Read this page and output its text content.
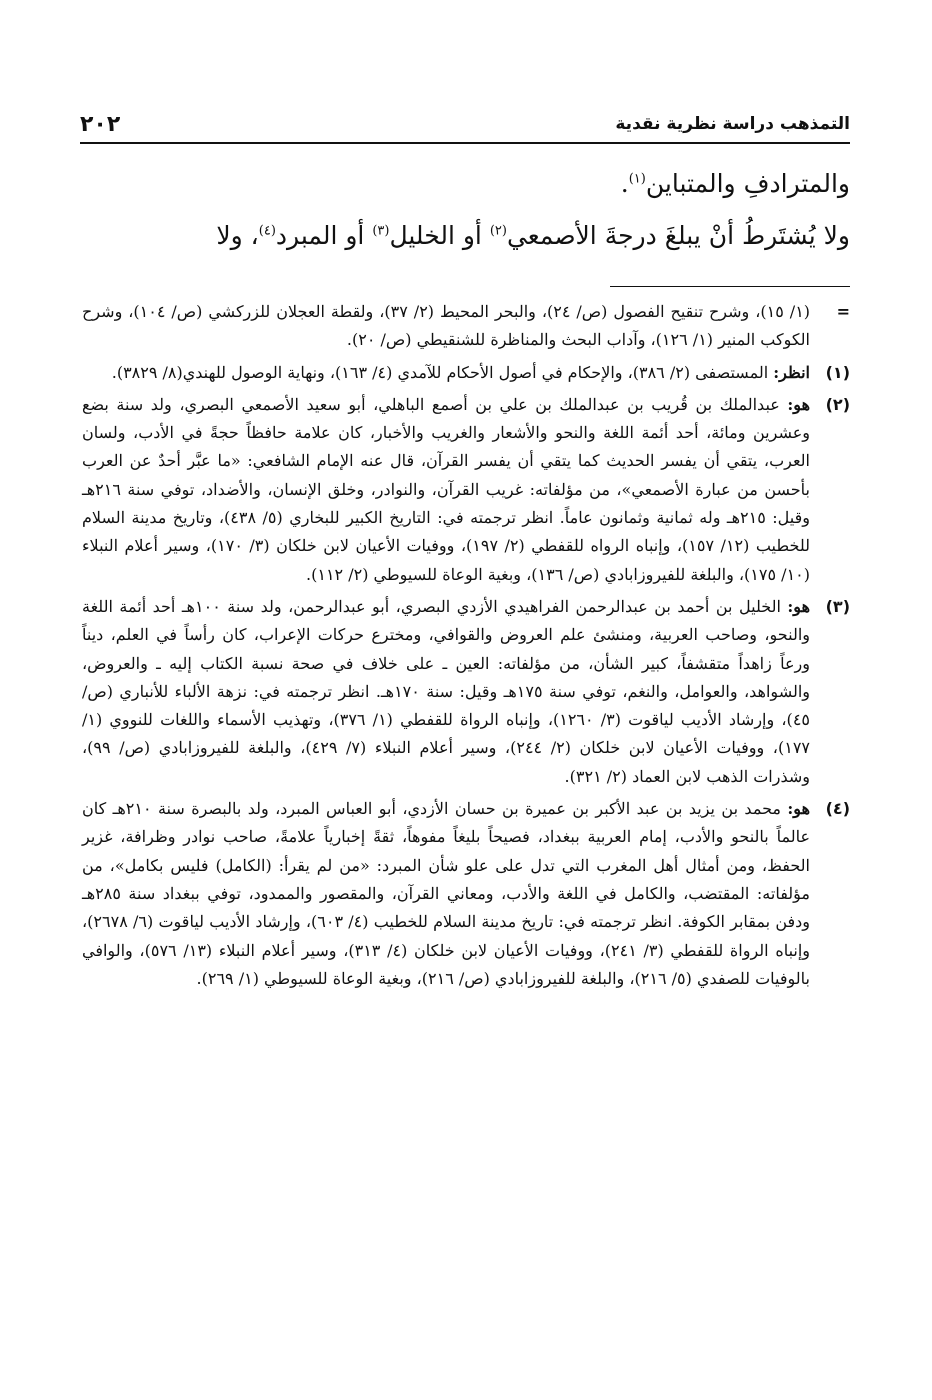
٢٠٢	التمذهب دراسة نظرية نقدية

والمترادفِ والمتباين$^{(١)}$.

ولا يُشتَرطُ أنْ يبلغَ درجةَ الأصمعي$^{(٢)}$ أو الخليل$^{(٣)}$ أو المبرد$^{(٤)}$، ولا

=
(١/ ١٥)، وشرح تنقيح الفصول (ص/ ٢٤)، والبحر المحيط (٢/ ٣٧)، ولقطة العجلان للزركشي (ص/ ١٠٤)، وشرح الكوكب المنير (١/ ١٢٦)، وآداب البحث والمناظرة للشنقيطي (ص/ ٢٠).
(١)
انظر: المستصفى (٢/ ٣٨٦)، والإحكام في أصول الأحكام للآمدي (٤/ ١٦٣)، ونهاية الوصول للهندي(٨/ ٣٨٢٩).
(٢)
هو: عبدالملك بن قُريب بن عبدالملك بن علي بن أصمع الباهلي، أبو سعيد الأصمعي البصري، ولد سنة بضع وعشرين ومائة، أحد أئمة اللغة والنحو والأشعار والغريب والأخبار، كان علامة حافظاً حجةً في الأدب، ولسان العرب، يتقي أن يفسر الحديث كما يتقي أن يفسر القرآن، قال عنه الإمام الشافعي: «ما عبَّر أحدٌ عن العرب بأحسن من عبارة الأصمعي»، من مؤلفاته: غريب القرآن، والنوادر، وخلق الإنسان، والأضداد، توفي سنة ٢١٦هـ وقيل: ٢١٥هـ وله ثمانية وثمانون عاماً. انظر ترجمته في: التاريخ الكبير للبخاري (٥/ ٤٣٨)، وتاريخ مدينة السلام للخطيب (١٢/ ١٥٧)، وإنباه الرواه للقفطي (٢/ ١٩٧)، ووفيات الأعيان لابن خلكان (٣/ ١٧٠)، وسير أعلام النبلاء (١٠/ ١٧٥)، والبلغة للفيروزابادي (ص/ ١٣٦)، وبغية الوعاة للسيوطي (٢/ ١١٢).
(٣)
هو: الخليل بن أحمد بن عبدالرحمن الفراهيدي الأزدي البصري، أبو عبدالرحمن، ولد سنة ١٠٠هـ أحد أئمة اللغة والنحو، وصاحب العربية، ومنشئ علم العروض والقوافي، ومخترع حركات الإعراب، كان رأساً في العلم، ديناً ورعاً زاهداً متقشفاً، كبير الشأن، من مؤلفاته: العين ـ على خلاف في صحة نسبة الكتاب إليه ـ والعروض، والشواهد، والعوامل، والنغم، توفي سنة ١٧٥هـ وقيل: سنة ١٧٠هـ. انظر ترجمته في: نزهة الألباء للأنباري (ص/ ٤٥)، وإرشاد الأديب لياقوت (٣/ ١٢٦٠)، وإنباه الرواة للقفطي (١/ ٣٧٦)، وتهذيب الأسماء واللغات للنووي (١/ ١٧٧)، ووفيات الأعيان لابن خلكان (٢/ ٢٤٤)، وسير أعلام النبلاء (٧/ ٤٢٩)، والبلغة للفيروزابادي (ص/ ٩٩)، وشذرات الذهب لابن العماد (٢/ ٣٢١).
(٤)
هو: محمد بن يزيد بن عبد الأكبر بن عميرة بن حسان الأزدي، أبو العباس المبرد، ولد بالبصرة سنة ٢١٠هـ كان عالماً بالنحو والأدب، إمام العربية ببغداد، فصيحاً بليغاً مفوهاً، ثقةً إخبارياً علامةً، صاحب نوادر وظرافة، غزير الحفظ، ومن أمثال أهل المغرب التي تدل على علو شأن المبرد: «من لم يقرأ: (الكامل) فليس بكامل»، من مؤلفاته: المقتضب، والكامل في اللغة والأدب، ومعاني القرآن، والمقصور والممدود، توفي ببغداد سنة ٢٨٥هـ ودفن بمقابر الكوفة. انظر ترجمته في: تاريخ مدينة السلام للخطيب (٤/ ٦٠٣)، وإرشاد الأديب لياقوت (٦/ ٢٦٧٨)، وإنباه الرواة للقفطي (٣/ ٢٤١)، ووفيات الأعيان لابن خلكان (٤/ ٣١٣)، وسير أعلام النبلاء (١٣/ ٥٧٦)، والوافي بالوفيات للصفدي (٥/ ٢١٦)، والبلغة للفيروزابادي (ص/ ٢١٦)، وبغية الوعاة للسيوطي (١/ ٢٦٩).
